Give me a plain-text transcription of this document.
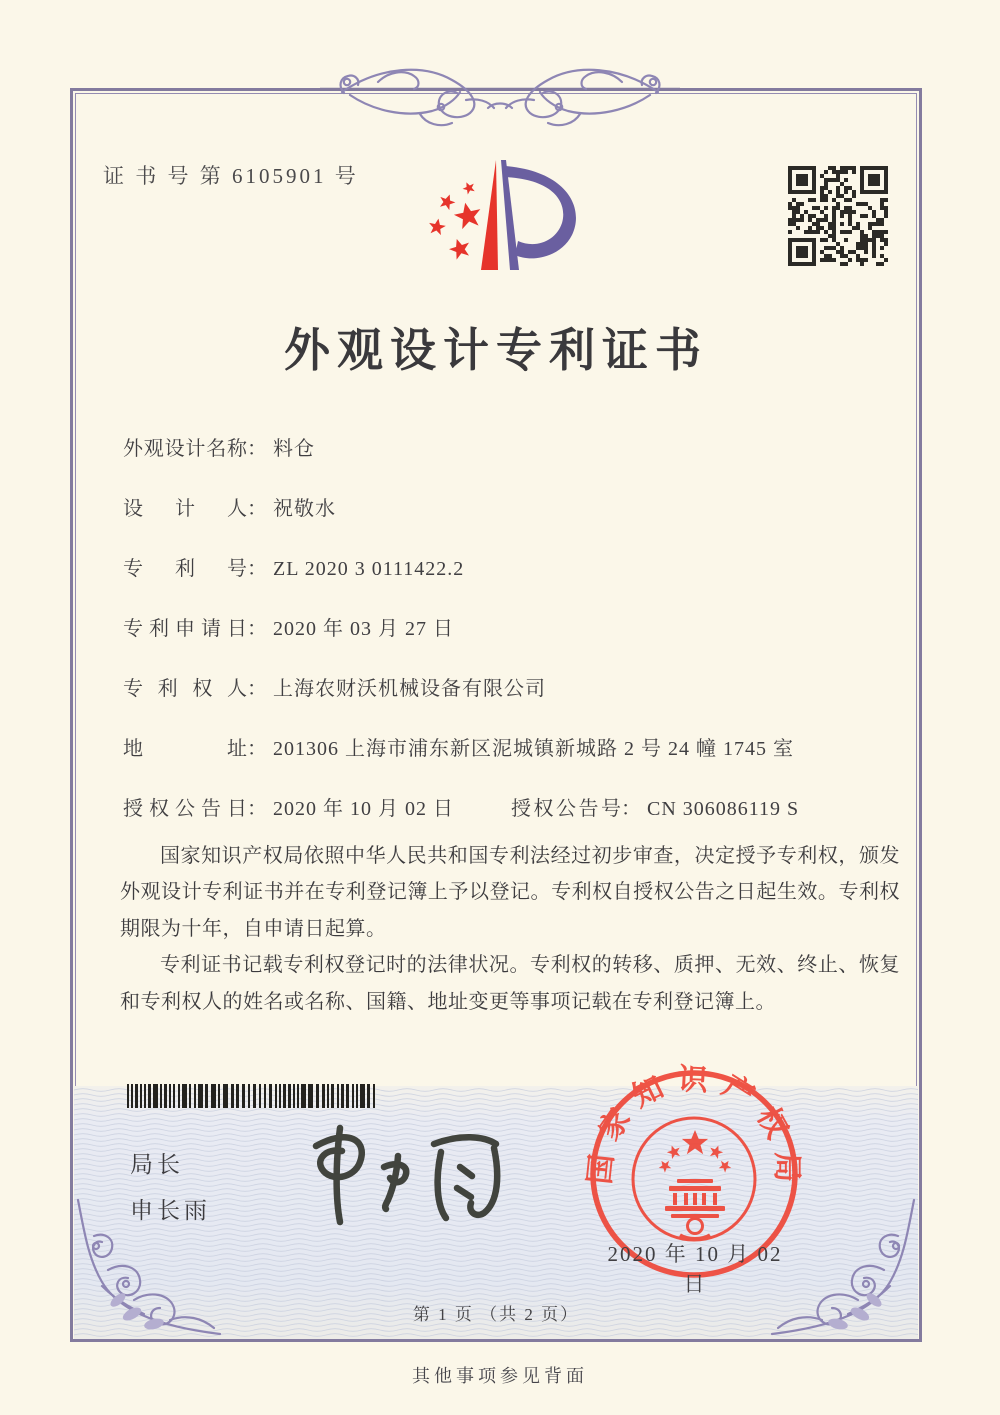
证 书 号 第 6105901 号
外观设计专利证书
外观设计名称： 料仓
设计人： 祝敬水
专利号： ZL 2020 3 0111422.2
专利申请日： 2020 年 03 月 27 日
专利权人： 上海农财沃机械设备有限公司
地址： 201306 上海市浦东新区泥城镇新城路 2 号 24 幢 1745 室
授权公告日： 2020 年 10 月 02 日	授权公告号： CN 306086119 S

国家知识产权局依照中华人民共和国专利法经过初步审查，决定授予专利权，颁发外观设计专利证书并在专利登记簿上予以登记。专利权自授权公告之日起生效。专利权期限为十年，自申请日起算。

专利证书记载专利权登记时的法律状况。专利权的转移、质押、无效、终止、恢复和专利权人的姓名或名称、国籍、地址变更等事项记载在专利登记簿上。

局长
申长雨
国家知识产权局
2020 年 10 月 02 日
第 1 页 （共 2 页）
其他事项参见背面
